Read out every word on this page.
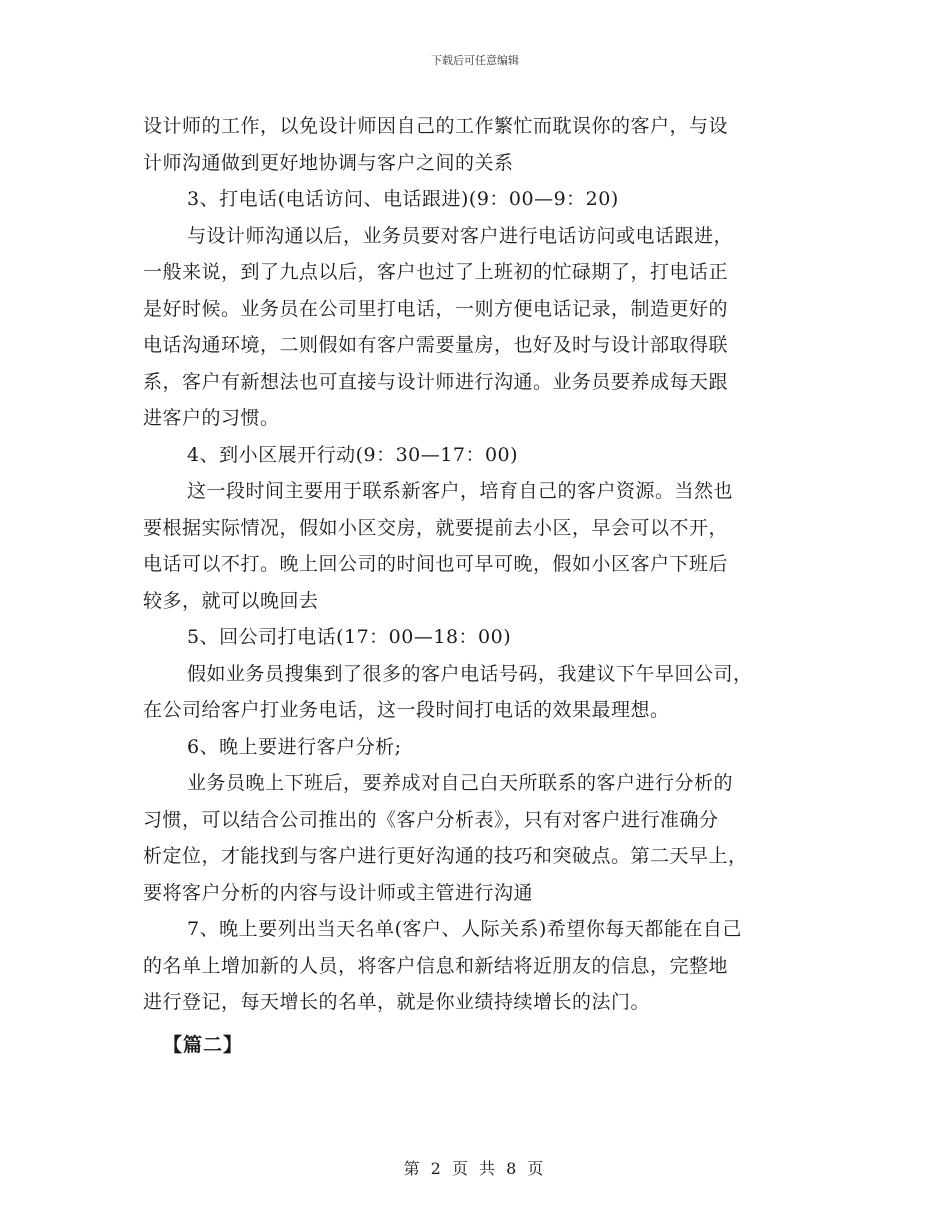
下载后可任意编辑
设计师的工作，以免设计师因自己的工作繁忙而耽误你的客户，与设
计师沟通做到更好地协调与客户之间的关系
3、打电话(电话访问、电话跟进)(9：00—9：20)
与设计师沟通以后，业务员要对客户进行电话访问或电话跟进，
一般来说，到了九点以后，客户也过了上班初的忙碌期了，打电话正
是好时候。业务员在公司里打电话，一则方便电话记录，制造更好的
电话沟通环境，二则假如有客户需要量房，也好及时与设计部取得联
系，客户有新想法也可直接与设计师进行沟通。业务员要养成每天跟
进客户的习惯。
4、到小区展开行动(9：30—17：00)
这一段时间主要用于联系新客户，培育自己的客户资源。当然也
要根据实际情况，假如小区交房，就要提前去小区，早会可以不开，
电话可以不打。晚上回公司的时间也可早可晚，假如小区客户下班后
较多，就可以晚回去
5、回公司打电话(17：00—18：00)
假如业务员搜集到了很多的客户电话号码，我建议下午早回公司，
在公司给客户打业务电话，这一段时间打电话的效果最理想。
6、晚上要进行客户分析;
业务员晚上下班后，要养成对自己白天所联系的客户进行分析的
习惯，可以结合公司推出的《客户分析表》，只有对客户进行准确分
析定位，才能找到与客户进行更好沟通的技巧和突破点。第二天早上，
要将客户分析的内容与设计师或主管进行沟通
7、晚上要列出当天名单(客户、人际关系)希望你每天都能在自己
的名单上增加新的人员，将客户信息和新结将近朋友的信息，完整地
进行登记，每天增长的名单，就是你业绩持续增长的法门。
【篇二】
第 2 页 共 8 页
